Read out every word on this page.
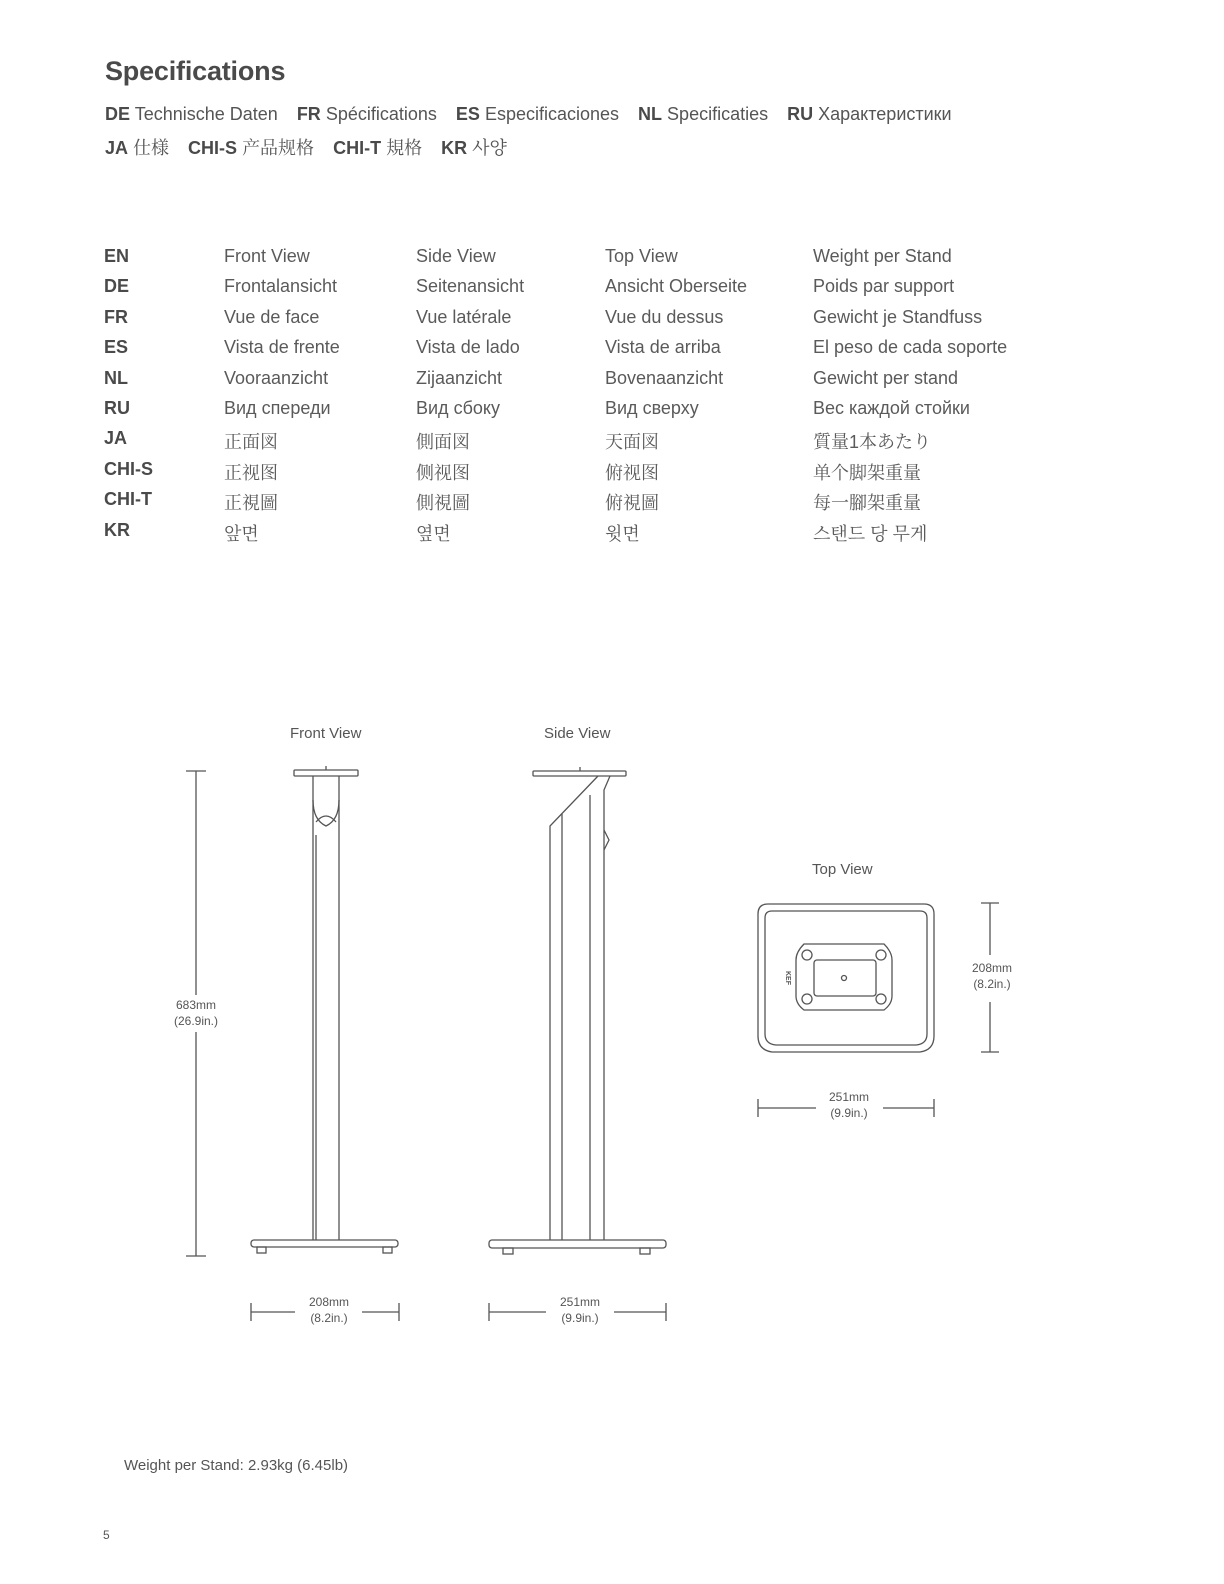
Specifications
DE Technische Daten FR Spécifications ES Especificaciones NL Specificaties RU Характеристики
JA 仕様 CHI-S 产品规格 CHI-T 規格 KR 사양
EN	Front View	Side View	Top View	Weight per Stand
DE	Frontalansicht	Seitenansicht	Ansicht Oberseite	Poids par support
FR	Vue de face	Vue latérale	Vue du dessus	Gewicht je Standfuss
ES	Vista de frente	Vista de lado	Vista de arriba	El peso de cada soporte
NL	Vooraanzicht	Zijaanzicht	Bovenaanzicht	Gewicht per stand
RU	Вид спереди	Вид сбоку	Вид сверху	Вес каждой стойки
JA	正面図	側面図	天面図	質量1本あたり
CHI-S	正视图	侧视图	俯视图	单个脚架重量
CHI-T	正視圖	側視圖	俯視圖	每一腳架重量
KR	앞면	옆면	윗면	스탠드 당 무게
KEF
Front View	Side View
Top View
683mm
(26.9in.)
208mm
(8.2in.)
251mm
(9.9in.)
208mm
(8.2in.)
251mm
(9.9in.)
Weight per Stand: 2.93kg (6.45lb)
5
